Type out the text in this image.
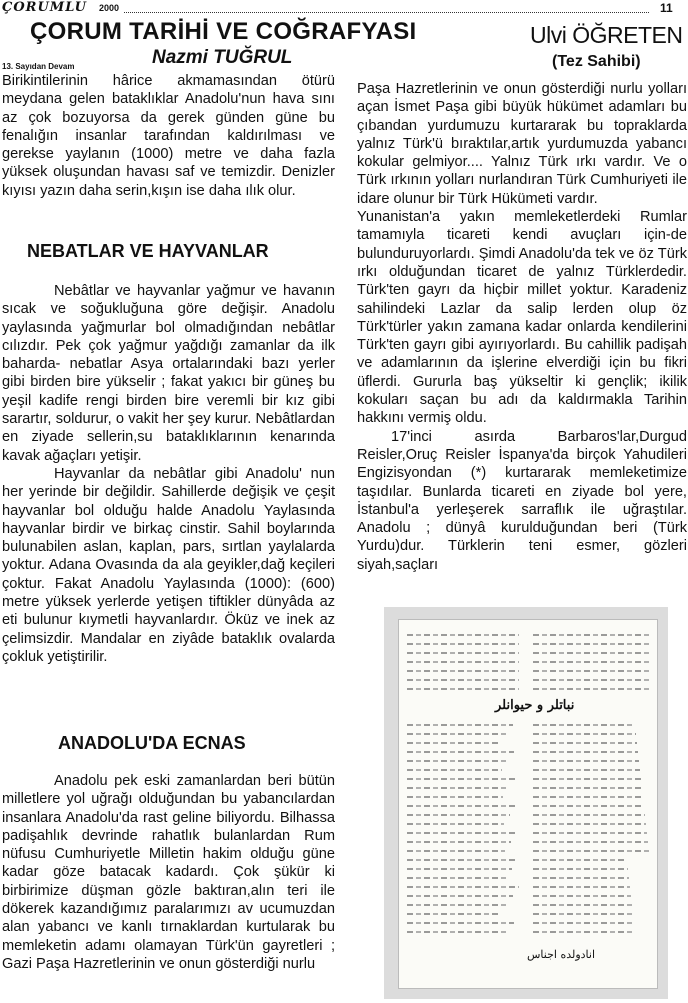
ÇORUMLU 2000	11
ÇORUM TARİHİ VE COĞRAFYASI
Nazmi TUĞRUL
13. Sayıdan Devam
Ulvi ÖĞRETEN
(Tez Sahibi)

Birikintilerinin hârice akmamasından ötürü meydana gelen bataklıklar Anadolu'nun hava sını az çok bozuyorsa da gerek günden güne bu fenalığın insanlar tarafından kaldırılması ve gerekse yaylanın (1000) metre ve daha fazla yüksek oluşundan havası saf ve temizdir. Denizler kıyısı yazın daha serin,kışın ise daha ılık olur.

NEBATLAR VE HAYVANLAR

Nebâtlar ve hayvanlar yağmur ve havanın sıcak ve soğukluğuna göre değişir. Anadolu yaylasında yağmurlar bol olmadığından nebâtlar cılızdır. Pek çok yağmur yağdığı zamanlar da ilk baharda- nebatlar Asya ortalarındaki bazı yerler gibi birden bire yükselir ; fakat yakıcı bir güneş bu yeşil kadife rengi birden bire veremli bir kız gibi sarartır, soldurur, o vakit her şey kurur. Nebâtlardan en ziyade sellerin,su bataklıklarının kenarında kavak ağaçları yetişir.

Hayvanlar da nebâtlar gibi Anadolu' nun her yerinde bir değildir. Sahillerde değişik ve çeşit hayvanlar bol olduğu halde Anadolu Yaylasında hayvanlar birdir ve birkaç cinstir. Sahil boylarında bulunabilen aslan, kaplan, pars, sırtlan yaylalarda yoktur. Adana Ovasında da ala geyikler,dağ keçileri çoktur. Fakat Anadolu Yaylasında (1000): (600) metre yüksek yerlerde yetişen tiftikler dünyâda az eti bulunur kıymetli hayvanlardır. Öküz ve inek az çelimsizdir. Mandalar en ziyâde bataklık ovalarda çokluk yetiştirilir.

ANADOLU'DA ECNAS

Anadolu pek eski zamanlardan beri bütün milletlere yol uğrağı olduğundan bu yabancılardan insanlara Anadolu'da rast geline biliyordu. Bilhassa padişahlık devrinde rahatlık bulanlardan Rum nüfusu Cumhuriyetle Milletin hakim olduğu güne kadar göze batacak kadardı. Çok şükür ki birbirimize düşman gözle baktıran,alın teri ile dökerek kazandığımız paralarımızı av ucumuzdan alan yabancı ve kanlı tırnaklardan kurtularak bu memleketin adamı olamayan Türk'ün gayretleri ; Gazi Paşa Hazretlerinin ve onun gösterdiği nurlu

Paşa Hazretlerinin ve onun gösterdiği nurlu yolları açan İsmet Paşa gibi büyük hükümet adamları bu çıbandan yurdumuzu kurtararak bu topraklarda yalnız Türk'ü bıraktılar,artık yurdumuzda yabancı kokular gelmiyor.... Yalnız Türk ırkı vardır. Ve o Türk ırkının yolları nurlandıran Türk Cumhuriyeti ile idare olunur bir Türk Hükümeti vardır.

Yunanistan'a yakın memleketlerdeki Rumlar tamamıyla ticareti kendi avuçları için-de bulunduruyorlardı. Şimdi Anadolu'da tek ve öz Türk ırkı olduğundan ticaret de yalnız Türklerdedir. Türk'ten gayrı da hiçbir millet yoktur. Karadeniz sahilindeki Lazlar da salip lerden olup öz Türk'türler yakın zamana kadar onlarda kendilerini Türk'ten gayrı gibi ayırıyorlardı. Bu cahillik padişah ve adamlarının da işlerine elverdiği için bu fikri üflerdi. Gururla baş yükseltir ki gençlik; ikilik kokuları saçan bu adı da kaldırmakla Tarihin hakkını vermiş oldu.

17'inci asırda Barbaros'lar,Durgud Reisler,Oruç Reisler İspanya'da birçok Yahudileri Engizisyondan (*) kurtararak memleketimize taşıdılar. Bunlarda ticareti en ziyade bol yere, İstanbul'a yerleşerek sarraflık ile uğraştılar. Anadolu ; dünyâ kurulduğundan beri (Türk Yurdu)dur. Türklerin teni esmer, gözleri siyah,saçları

نباتلر و حيوانلر
انادولده اجناس
